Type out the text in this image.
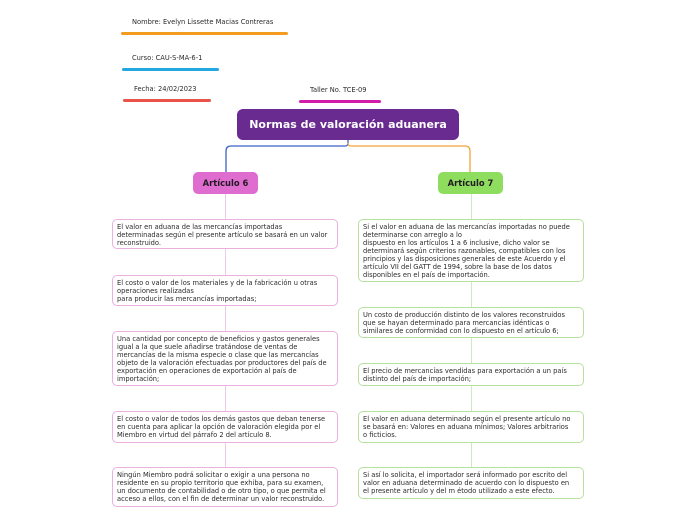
Nombre: Evelyn Lissette Macias Contreras
Curso: CAU-S-MA-6-1
Fecha: 24/02/2023	Taller No. TCE-09
Normas de valoración aduanera
Artículo 6	Artículo 7
El valor en aduana de las mercancías importadas
determinadas según el presente artículo se basará en un valor
reconstruido.
El costo o valor de los materiales y de la fabricación u otras
operaciones realizadas
para producir las mercancías importadas;
Una cantidad por concepto de beneficios y gastos generales
igual a la que suele añadirse tratándose de ventas de
mercancías de la misma especie o clase que las mercancías
objeto de la valoración efectuadas por productores del país de
exportación en operaciones de exportación al país de
importación;
El costo o valor de todos los demás gastos que deban tenerse
en cuenta para aplicar la opción de valoración elegida por el
Miembro en virtud del párrafo 2 del artículo 8.
Ningún Miembro podrá solicitar o exigir a una persona no
residente en su propio territorio que exhiba, para su examen,
un documento de contabilidad o de otro tipo, o que permita el
acceso a ellos, con el fin de determinar un valor reconstruido.
Si el valor en aduana de las mercancías importadas no puede
determinarse con arreglo a lo
dispuesto en los artículos 1 a 6 inclusive, dicho valor se
determinará según criterios razonables, compatibles con los
principios y las disposiciones generales de este Acuerdo y el
artículo VII del GATT de 1994, sobre la base de los datos
disponibles en el país de importación.
Un costo de producción distinto de los valores reconstruidos
que se hayan determinado para mercancías idénticas o
similares de conformidad con lo dispuesto en el artículo 6;
El precio de mercancías vendidas para exportación a un país
distinto del país de importación;
El valor en aduana determinado según el presente artículo no
se basará en: Valores en aduana mínimos; Valores arbitrarios
o ficticios.
Si así lo solicita, el importador será informado por escrito del
valor en aduana determinado de acuerdo con lo dispuesto en
el presente artículo y del m étodo utilizado a este efecto.
